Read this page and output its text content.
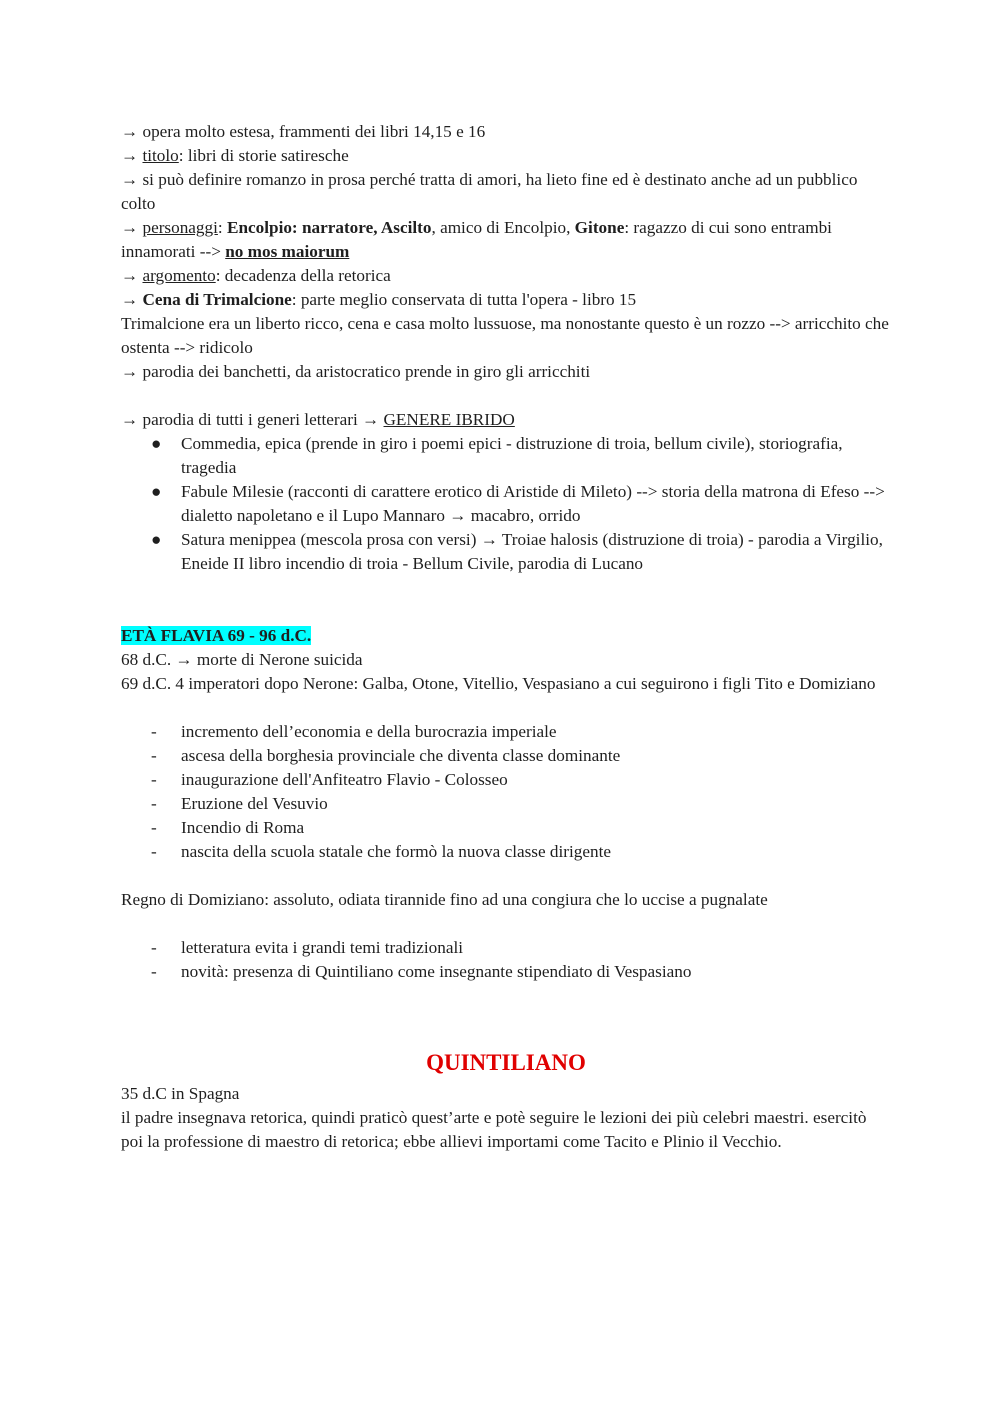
→ opera molto estesa, frammenti dei libri 14,15 e 16

→ titolo: libri di storie satiresche

→ si può definire romanzo in prosa perché tratta di amori, ha lieto fine ed è destinato anche ad un pubblico colto

→ personaggi: Encolpio: narratore, Ascilto, amico di Encolpio, Gitone: ragazzo di cui sono entrambi innamorati --> no mos maiorum

→ argomento: decadenza della retorica

→ Cena di Trimalcione: parte meglio conservata di tutta l'opera - libro 15

Trimalcione era un liberto ricco, cena e casa molto lussuose, ma nonostante questo è un rozzo --> arricchito che ostenta --> ridicolo

→ parodia dei banchetti, da aristocratico prende in giro gli arricchiti

→ parodia di tutti i generi letterari → GENERE IBRIDO

● Commedia, epica (prende in giro i poemi epici - distruzione di troia, bellum civile), storiografia, tragedia
● Fabule Milesie (racconti di carattere erotico di Aristide di Mileto) --> storia della matrona di Efeso --> dialetto napoletano e il Lupo Mannaro → macabro, orrido
● Satura menippea (mescola prosa con versi) → Troiae halosis (distruzione di troia) - parodia a Virgilio, Eneide II libro incendio di troia - Bellum Civile, parodia di Lucano

ETÀ FLAVIA 69 - 96 d.C.

68 d.C. → morte di Nerone suicida

69 d.C. 4 imperatori dopo Nerone: Galba, Otone, Vitellio, Vespasiano a cui seguirono i figli Tito e Domiziano

- incremento dell’economia e della burocrazia imperiale
- ascesa della borghesia provinciale che diventa classe dominante
- inaugurazione dell'Anfiteatro Flavio - Colosseo
- Eruzione del Vesuvio
- Incendio di Roma
- nascita della scuola statale che formò la nuova classe dirigente

Regno di Domiziano: assoluto, odiata tirannide fino ad una congiura che lo uccise a pugnalate

- letteratura evita i grandi temi tradizionali
- novità: presenza di Quintiliano come insegnante stipendiato di Vespasiano

QUINTILIANO

35 d.C in Spagna

il padre insegnava retorica, quindi praticò quest’arte e potè seguire le lezioni dei più celebri maestri. esercitò poi la professione di maestro di retorica; ebbe allievi importami come Tacito e Plinio il Vecchio.
